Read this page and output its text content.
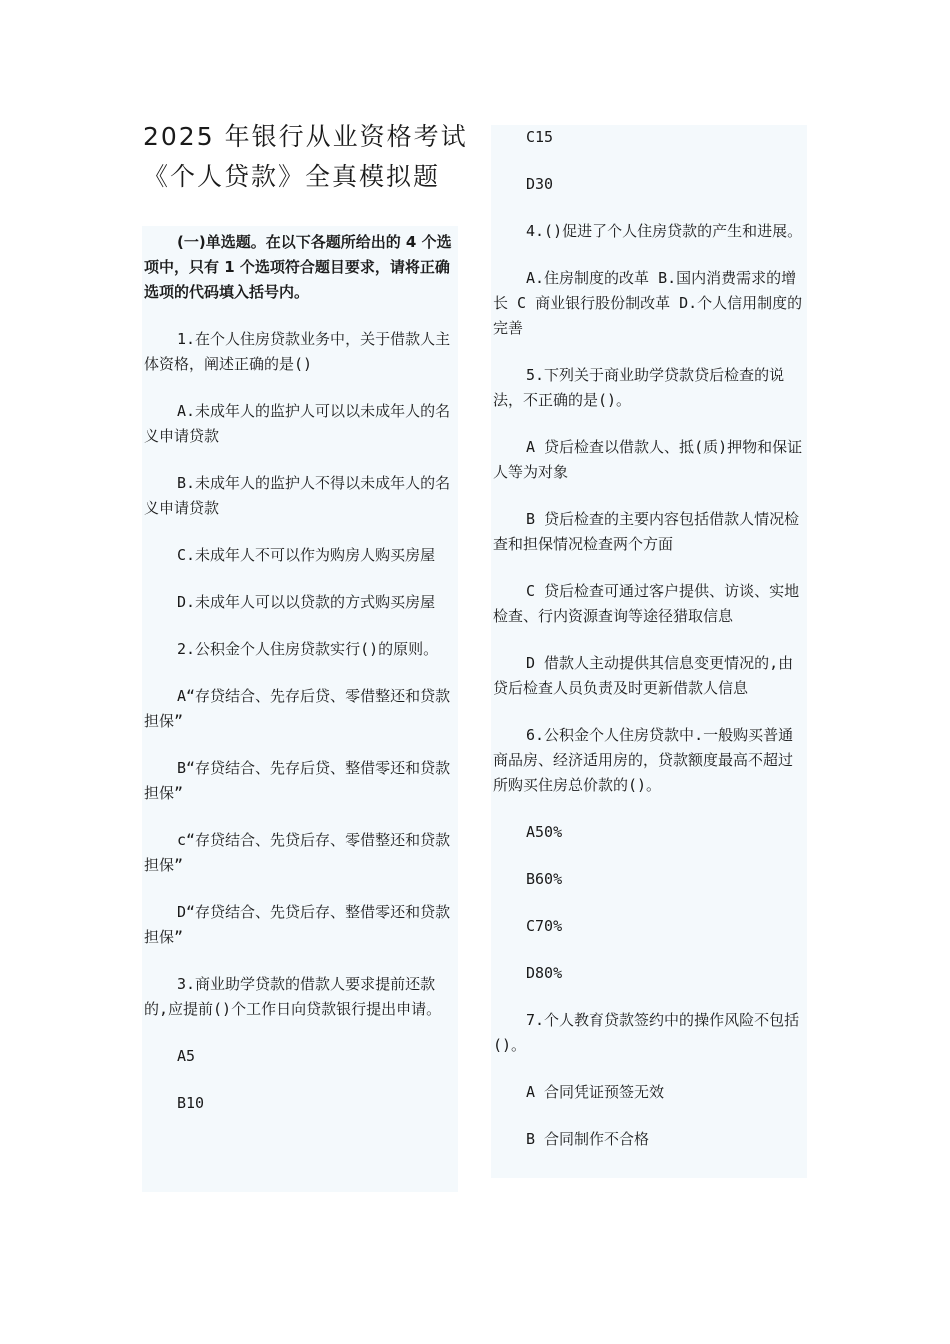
2025 年银行从业资格考试
《个人贷款》全真模拟题

(一)单选题。在以下各题所给出的 4 个选项中，只有 1 个选项符合题目要求，请将正确选项的代码填入括号内。

1.在个人住房贷款业务中，关于借款人主体资格，阐述正确的是()

A.未成年人的监护人可以以未成年人的名义申请贷款

B.未成年人的监护人不得以未成年人的名义申请贷款

C.未成年人不可以作为购房人购买房屋

D.未成年人可以以贷款的方式购买房屋

2.公积金个人住房贷款实行()的原则。

A“存贷结合、先存后贷、零借整还和贷款担保”

B“存贷结合、先存后贷、整借零还和贷款担保”

c“存贷结合、先贷后存、零借整还和贷款担保”

D“存贷结合、先贷后存、整借零还和贷款担保”

3.商业助学贷款的借款人要求提前还款的,应提前()个工作日向贷款银行提出申请。

A5

B10

C15

D30

4.()促进了个人住房贷款的产生和进展。

A.住房制度的改革 B.国内消费需求的增长 C 商业银行股份制改革 D.个人信用制度的完善

5.下列关于商业助学贷款贷后检查的说法，不正确的是()。

A 贷后检查以借款人、抵(质)押物和保证人等为对象

B 贷后检查的主要内容包括借款人情况检查和担保情况检查两个方面

C 贷后检查可通过客户提供、访谈、实地检查、行内资源查询等途径猎取信息

D 借款人主动提供其信息变更情况的,由贷后检查人员负责及时更新借款人信息

6.公积金个人住房贷款中.一般购买普通商品房、经济适用房的，贷款额度最高不超过所购买住房总价款的()。

A50%

B60%

C70%

D80%

7.个人教育贷款签约中的操作风险不包括()。

A 合同凭证预签无效

B 合同制作不合格
